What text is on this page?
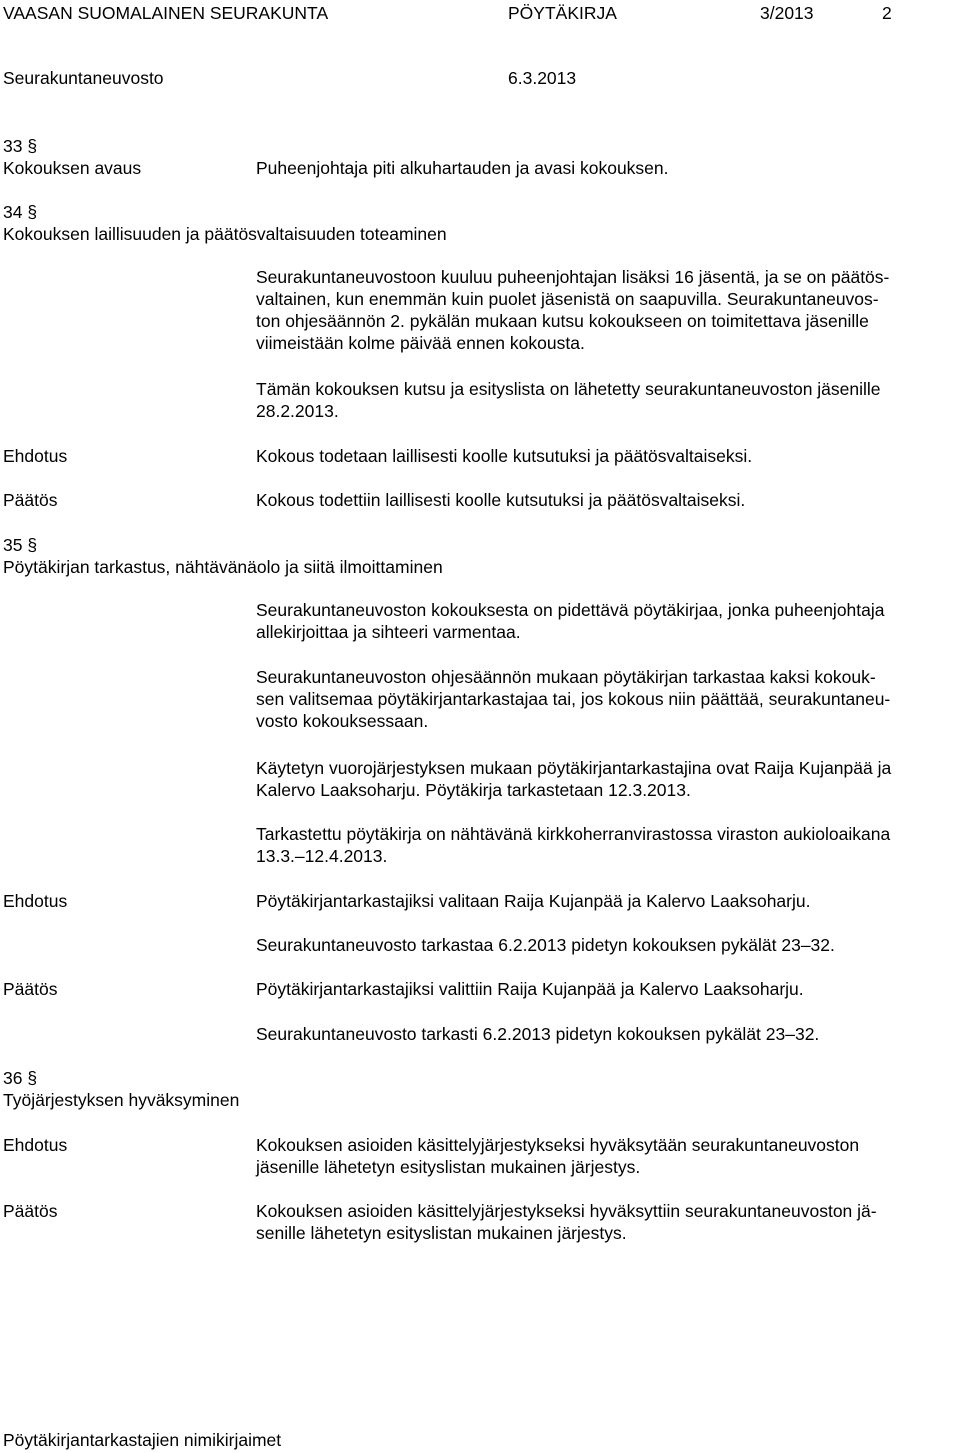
VAASAN SUOMALAINEN SEURAKUNTA	PÖYTÄKIRJA	3/2013	2
Seurakuntaneuvosto	6.3.2013
33 §
Kokouksen avaus	Puheenjohtaja piti alkuhartauden ja avasi kokouksen.
34 §
Kokouksen laillisuuden ja päätösvaltaisuuden toteaminen
Seurakuntaneuvostoon kuuluu puheenjohtajan lisäksi 16 jäsentä, ja se on päätös-
valtainen, kun enemmän kuin puolet jäsenistä on saapuvilla. Seurakuntaneuvos-
ton ohjesäännön 2. pykälän mukaan kutsu kokoukseen on toimitettava jäsenille
viimeistään kolme päivää ennen kokousta.
Tämän kokouksen kutsu ja esityslista on lähetetty seurakuntaneuvoston jäsenille
28.2.2013.
Ehdotus	Kokous todetaan laillisesti koolle kutsutuksi ja päätösvaltaiseksi.
Päätös	Kokous todettiin laillisesti koolle kutsutuksi ja päätösvaltaiseksi.
35 §
Pöytäkirjan tarkastus, nähtävänäolo ja siitä ilmoittaminen
Seurakuntaneuvoston kokouksesta on pidettävä pöytäkirjaa, jonka puheenjohtaja
allekirjoittaa ja sihteeri varmentaa.
Seurakuntaneuvoston ohjesäännön mukaan pöytäkirjan tarkastaa kaksi kokouk-
sen valitsemaa pöytäkirjantarkastajaa tai, jos kokous niin päättää, seurakuntaneu-
vosto kokouksessaan.
Käytetyn vuorojärjestyksen mukaan pöytäkirjantarkastajina ovat Raija Kujanpää ja
Kalervo Laaksoharju. Pöytäkirja tarkastetaan 12.3.2013.
Tarkastettu pöytäkirja on nähtävänä kirkkoherranvirastossa viraston aukioloaikana
13.3.–12.4.2013.
Ehdotus	Pöytäkirjantarkastajiksi valitaan Raija Kujanpää ja Kalervo Laaksoharju.
Seurakuntaneuvosto tarkastaa 6.2.2013 pidetyn kokouksen pykälät 23–32.
Päätös	Pöytäkirjantarkastajiksi valittiin Raija Kujanpää ja Kalervo Laaksoharju.
Seurakuntaneuvosto tarkasti 6.2.2013 pidetyn kokouksen pykälät 23–32.
36 §
Työjärjestyksen hyväksyminen
Ehdotus	Kokouksen asioiden käsittelyjärjestykseksi hyväksytään seurakuntaneuvoston
jäsenille lähetetyn esityslistan mukainen järjestys.
Päätös	Kokouksen asioiden käsittelyjärjestykseksi hyväksyttiin seurakuntaneuvoston jä-
senille lähetetyn esityslistan mukainen järjestys.
Pöytäkirjantarkastajien nimikirjaimet
